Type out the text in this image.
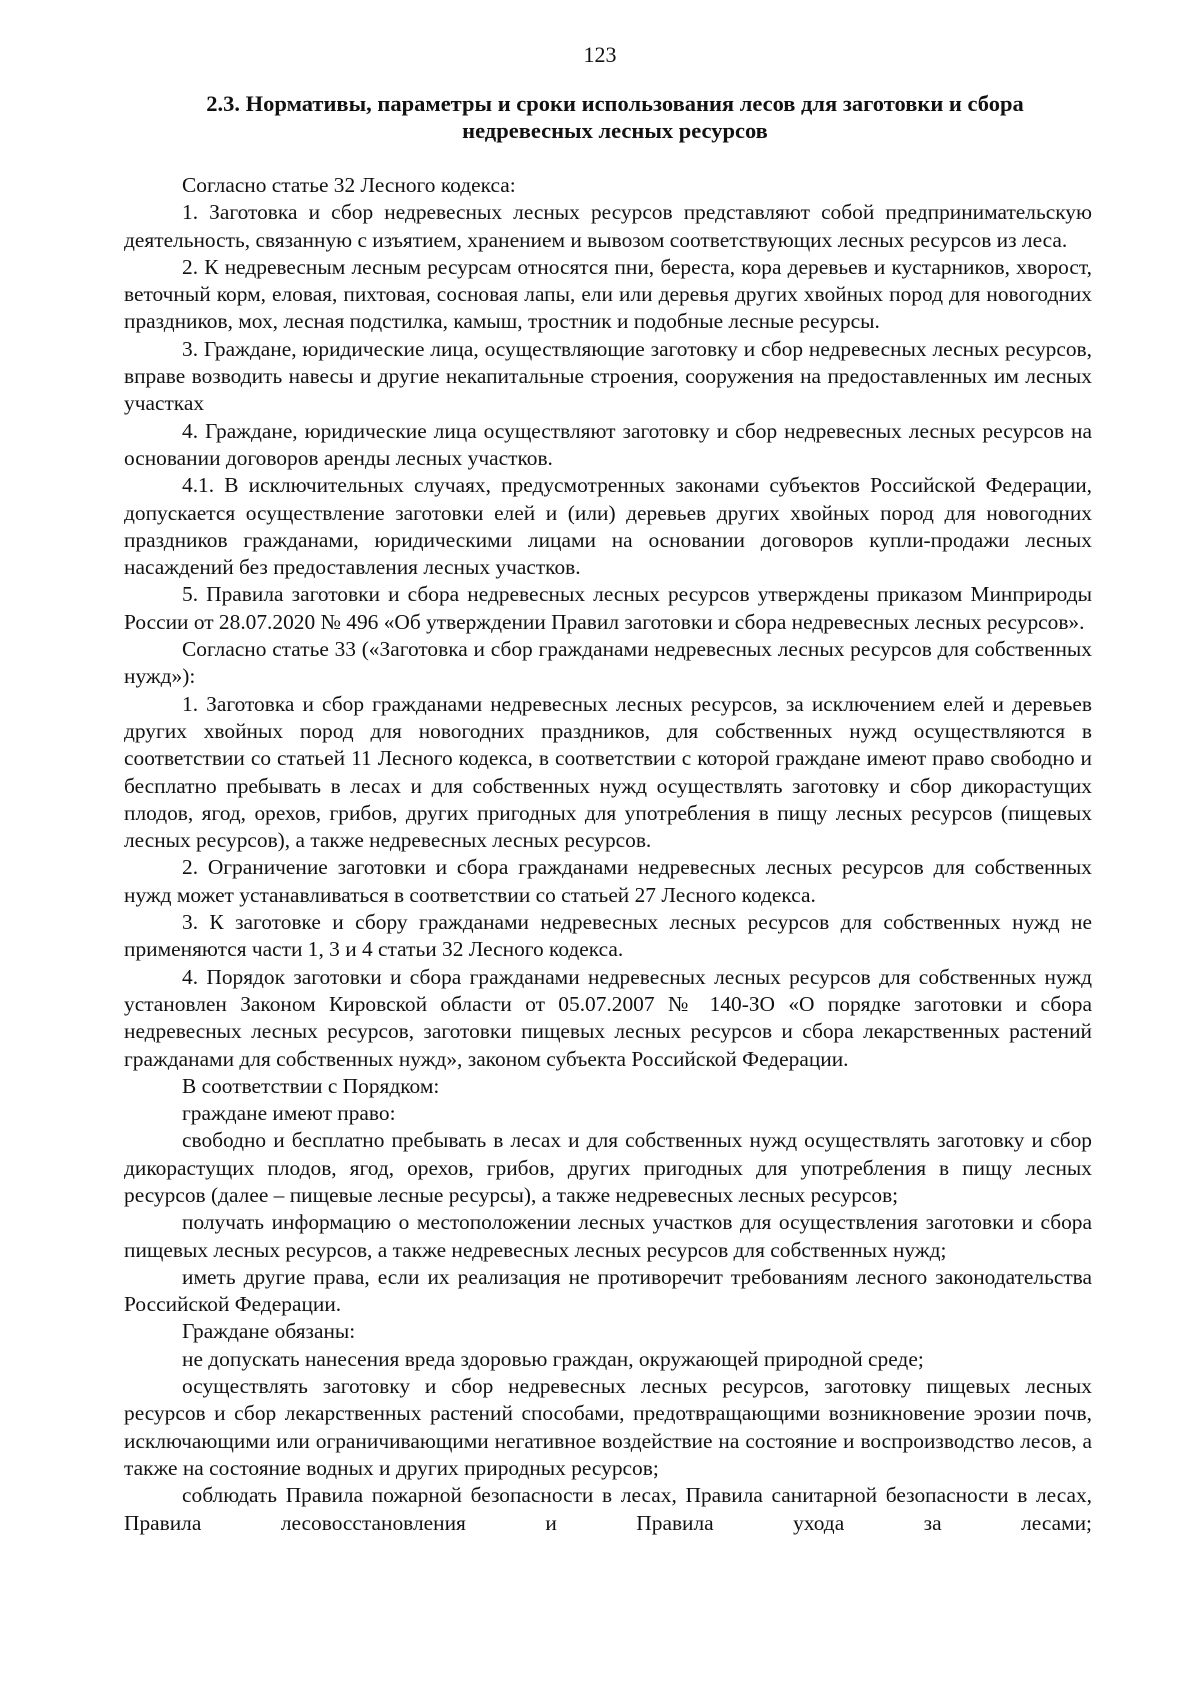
123
2.3. Нормативы, параметры и сроки использования лесов для заготовки и сбора недревесных лесных ресурсов

Согласно статье 32 Лесного кодекса:

1. Заготовка и сбор недревесных лесных ресурсов представляют собой предпринимательскую деятельность, связанную с изъятием, хранением и вывозом соответствующих лесных ресурсов из леса.

2. К недревесным лесным ресурсам относятся пни, береста, кора деревьев и кустарников, хворост, веточный корм, еловая, пихтовая, сосновая лапы, ели или деревья других хвойных пород для новогодних праздников, мох, лесная подстилка, камыш, тростник и подобные лесные ресурсы.

3. Граждане, юридические лица, осуществляющие заготовку и сбор недревесных лесных ресурсов, вправе возводить навесы и другие некапитальные строения, сооружения на предоставленных им лесных участках

4. Граждане, юридические лица осуществляют заготовку и сбор недревесных лесных ресурсов на основании договоров аренды лесных участков.

4.1. В исключительных случаях, предусмотренных законами субъектов Российской Федерации, допускается осуществление заготовки елей и (или) деревьев других хвойных пород для новогодних праздников гражданами, юридическими лицами на основании договоров купли-продажи лесных насаждений без предоставления лесных участков.

5. Правила заготовки и сбора недревесных лесных ресурсов утверждены приказом Минприроды России от 28.07.2020 № 496 «Об утверждении Правил заготовки и сбора недревесных лесных ресурсов».

Согласно статье 33 («Заготовка и сбор гражданами недревесных лесных ресурсов для собственных нужд»):

1. Заготовка и сбор гражданами недревесных лесных ресурсов, за исключением елей и деревьев других хвойных пород для новогодних праздников, для собственных нужд осуществляются в соответствии со статьей 11 Лесного кодекса, в соответствии с которой граждане имеют право свободно и бесплатно пребывать в лесах и для собственных нужд осуществлять заготовку и сбор дикорастущих плодов, ягод, орехов, грибов, других пригодных для употребления в пищу лесных ресурсов (пищевых лесных ресурсов), а также недревесных лесных ресурсов.

2. Ограничение заготовки и сбора гражданами недревесных лесных ресурсов для собственных нужд может устанавливаться в соответствии со статьей 27 Лесного кодекса.

3. К заготовке и сбору гражданами недревесных лесных ресурсов для собственных нужд не применяются части 1, 3 и 4 статьи 32 Лесного кодекса.

4. Порядок заготовки и сбора гражданами недревесных лесных ресурсов для собственных нужд установлен Законом Кировской области от 05.07.2007 № 140-ЗО «О порядке заготовки и сбора недревесных лесных ресурсов, заготовки пищевых лесных ресурсов и сбора лекарственных растений гражданами для собственных нужд», законом субъекта Российской Федерации.

В соответствии с Порядком:

граждане имеют право:

свободно и бесплатно пребывать в лесах и для собственных нужд осуществлять заготовку и сбор дикорастущих плодов, ягод, орехов, грибов, других пригодных для употребления в пищу лесных ресурсов (далее – пищевые лесные ресурсы), а также недревесных лесных ресурсов;

получать информацию о местоположении лесных участков для осуществления заготовки и сбора пищевых лесных ресурсов, а также недревесных лесных ресурсов для собственных нужд;

иметь другие права, если их реализация не противоречит требованиям лесного законодательства Российской Федерации.

Граждане обязаны:

не допускать нанесения вреда здоровью граждан, окружающей природной среде;

осуществлять заготовку и сбор недревесных лесных ресурсов, заготовку пищевых лесных ресурсов и сбор лекарственных растений способами, предотвращающими возникновение эрозии почв, исключающими или ограничивающими негативное воздействие на состояние и воспроизводство лесов, а также на состояние водных и других природных ресурсов;

соблюдать Правила пожарной безопасности в лесах, Правила санитарной безопасности в лесах, Правила лесовосстановления и Правила ухода за лесами;
